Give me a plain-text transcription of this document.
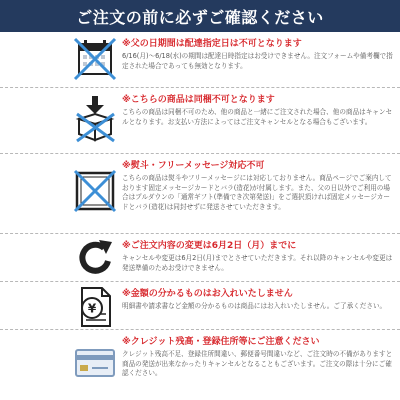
ご注文の前に必ずご確認ください
※父の日期間は配達指定日は不可となります
6/16(月)〜6/18(水)の期間は配達日時指定はお受けできません。注文フォームや備考欄で指定された場合であっても無効となります。
※こちらの商品は同梱不可となります
こちらの商品は同梱不可のため、他の商品と一緒にご注文された場合、他の商品はキャンセルとなります。お支払い方法によってはご注文キャンセルとなる場合もございます。
※熨斗・フリーメッセージ対応不可
こちらの商品は熨斗やフリーメッセージには対応しておりません。商品ページでご案内しております固定メッセージカードとバラ(造花)が付属します。また、父の日以外でご利用の場合はプルダウンの「通常ギフト(準備でき次第発送)」をご選択頂ければ固定メッセージカードとバラ(造花)は同封せずに発送させていただきます。
※ご注文内容の変更は6月2日（月）までに
キャンセルや変更は6月2日(月)までとさせていただきます。それ以降のキャンセルや変更は発送準備のためお受けできません。
¥
※金額の分かるものはお入れいたしません
明細書や請求書など金額の分かるものは商品にはお入れいたしません。ご了承ください。
※クレジット残高・登録住所等にご注意ください
クレジット残高不足、登録住所間違い、郵便番号間違いなど、ご注文時の不備がありますと商品の発送が出来なかったりキャンセルとなることもございます。ご注文の際は十分にご確認ください。
